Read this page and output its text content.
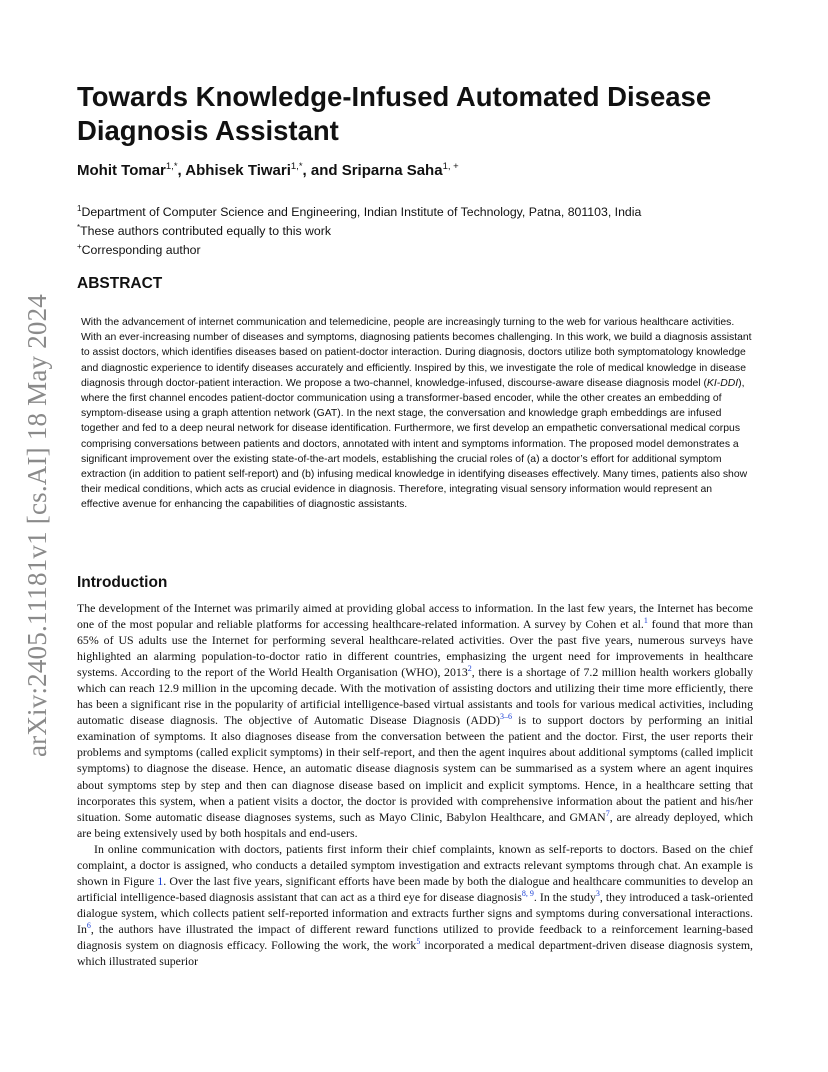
arXiv:2405.11181v1 [cs.AI] 18 May 2024
Towards Knowledge-Infused Automated Disease Diagnosis Assistant
Mohit Tomar$^{1,*}$, Abhisek Tiwari$^{1,*}$, and Sriparna Saha$^{1, +}$
$^1$Department of Computer Science and Engineering, Indian Institute of Technology, Patna, 801103, India
*These authors contributed equally to this work
+Corresponding author
ABSTRACT
With the advancement of internet communication and telemedicine, people are increasingly turning to the web for various healthcare activities. With an ever-increasing number of diseases and symptoms, diagnosing patients becomes challenging. In this work, we build a diagnosis assistant to assist doctors, which identifies diseases based on patient-doctor interaction. During diagnosis, doctors utilize both symptomatology knowledge and diagnostic experience to identify diseases accurately and efficiently. Inspired by this, we investigate the role of medical knowledge in disease diagnosis through doctor-patient interaction. We propose a two-channel, knowledge-infused, discourse-aware disease diagnosis model (KI-DDI), where the first channel encodes patient-doctor communication using a transformer-based encoder, while the other creates an embedding of symptom-disease using a graph attention network (GAT). In the next stage, the conversation and knowledge graph embeddings are infused together and fed to a deep neural network for disease identification. Furthermore, we first develop an empathetic conversational medical corpus comprising conversations between patients and doctors, annotated with intent and symptoms information. The proposed model demonstrates a significant improvement over the existing state-of-the-art models, establishing the crucial roles of (a) a doctor’s effort for additional symptom extraction (in addition to patient self-report) and (b) infusing medical knowledge in identifying diseases effectively. Many times, patients also show their medical conditions, which acts as crucial evidence in diagnosis. Therefore, integrating visual sensory information would represent an effective avenue for enhancing the capabilities of diagnostic assistants.
Introduction

The development of the Internet was primarily aimed at providing global access to information. In the last few years, the Internet has become one of the most popular and reliable platforms for accessing healthcare-related information. A survey by Cohen et al.$^1$ found that more than 65% of US adults use the Internet for performing several healthcare-related activities. Over the past five years, numerous surveys have highlighted an alarming population-to-doctor ratio in different countries, emphasizing the urgent need for improvements in healthcare systems. According to the report of the World Health Organisation (WHO), 2013$^2$, there is a shortage of 7.2 million health workers globally which can reach 12.9 million in the upcoming decade. With the motivation of assisting doctors and utilizing their time more efficiently, there has been a significant rise in the popularity of artificial intelligence-based virtual assistants and tools for various medical activities, including automatic disease diagnosis. The objective of Automatic Disease Diagnosis (ADD)$^{3-6}$ is to support doctors by performing an initial examination of symptoms. It also diagnoses disease from the conversation between the patient and the doctor. First, the user reports their problems and symptoms (called explicit symptoms) in their self-report, and then the agent inquires about additional symptoms (called implicit symptoms) to diagnose the disease. Hence, an automatic disease diagnosis system can be summarised as a system where an agent inquires about symptoms step by step and then can diagnose disease based on implicit and explicit symptoms. Hence, in a healthcare setting that incorporates this system, when a patient visits a doctor, the doctor is provided with comprehensive information about the patient and his/her situation. Some automatic disease diagnoses systems, such as Mayo Clinic, Babylon Healthcare, and GMAN$^7$, are already deployed, which are being extensively used by both hospitals and end-users.

In online communication with doctors, patients first inform their chief complaints, known as self-reports to doctors. Based on the chief complaint, a doctor is assigned, who conducts a detailed symptom investigation and extracts relevant symptoms through chat. An example is shown in Figure 1. Over the last five years, significant efforts have been made by both the dialogue and healthcare communities to develop an artificial intelligence-based diagnosis assistant that can act as a third eye for disease diagnosis$^{8, 9}$. In the study$^3$, they introduced a task-oriented dialogue system, which collects patient self-reported information and extracts further signs and symptoms during conversational interactions. In$^6$, the authors have illustrated the impact of different reward functions utilized to provide feedback to a reinforcement learning-based diagnosis system on diagnosis efficacy. Following the work, the work$^5$ incorporated a medical department-driven disease diagnosis system, which illustrated superior
